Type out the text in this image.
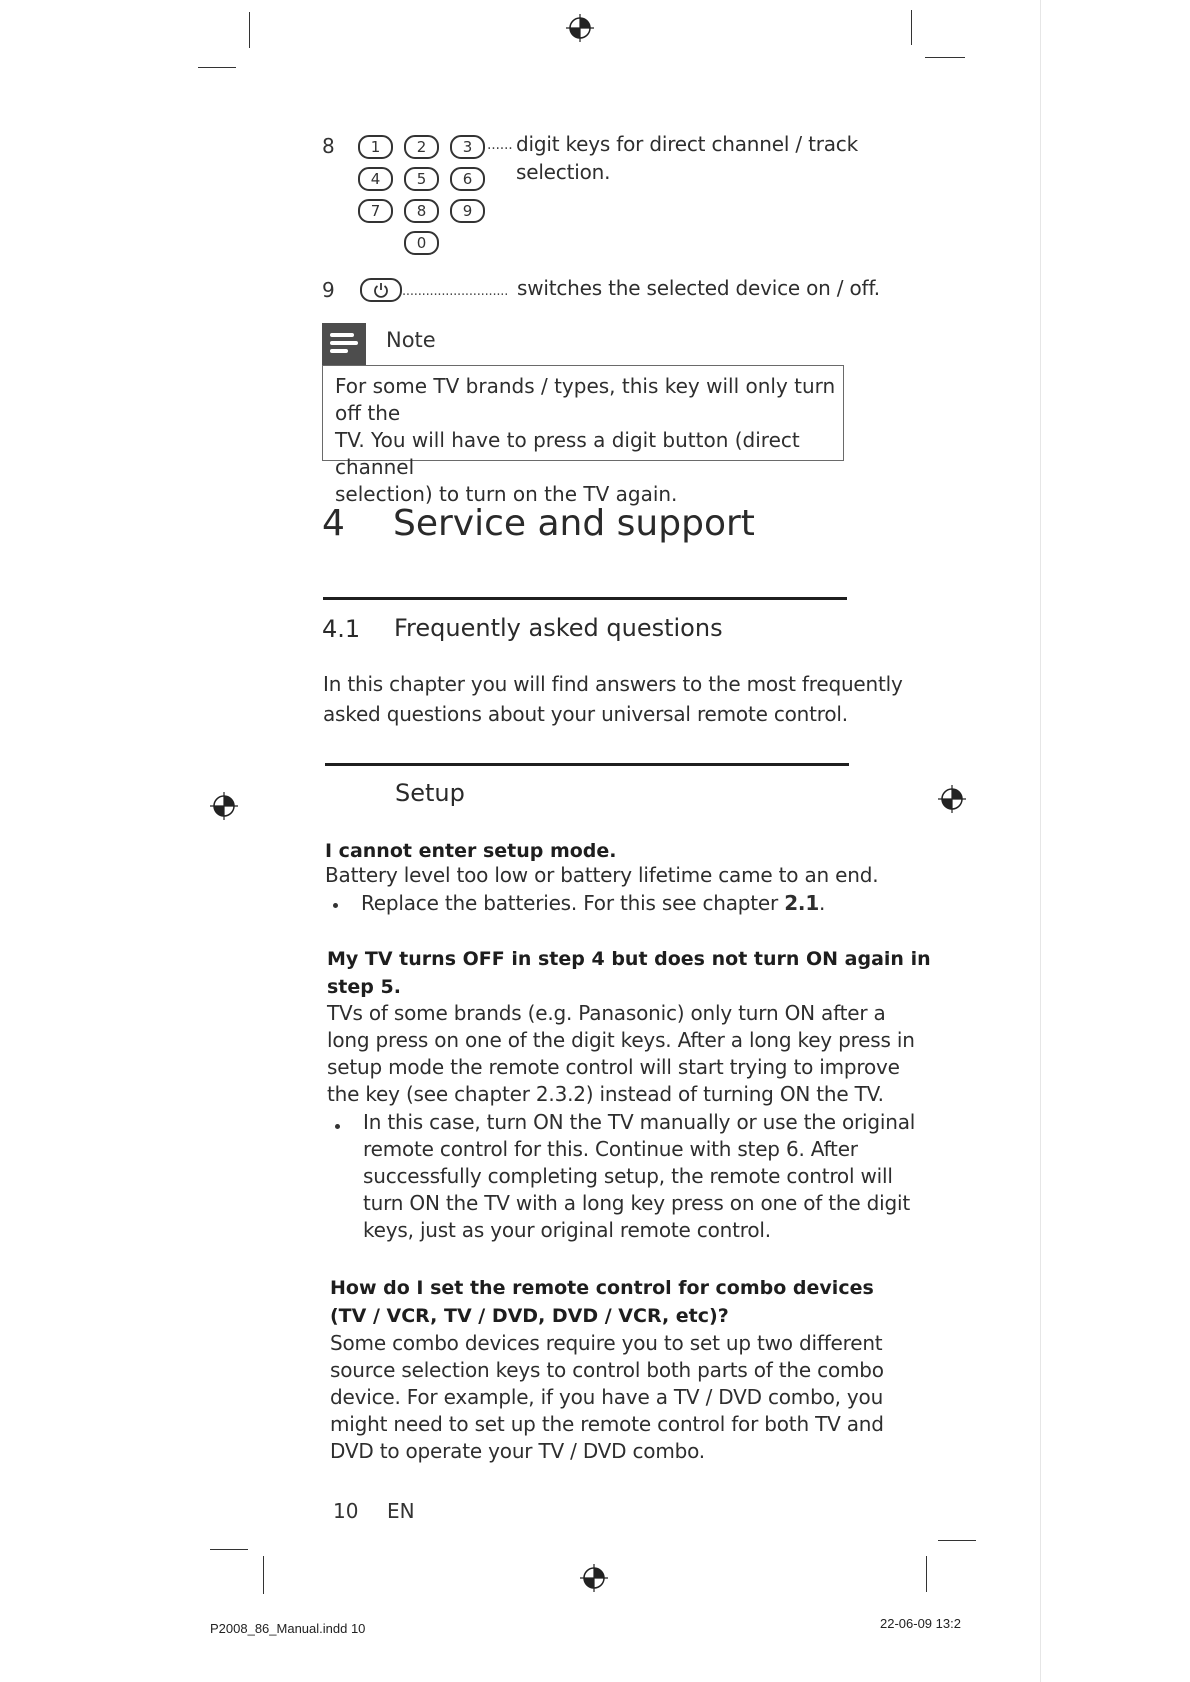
8	1	2	3
4	5	6
7	8	9
0
...... digit keys for direct channel / track
selection.
9	........................... switches the selected device on / off.
Note
For some TV brands / types, this key will only turn off the
TV. You will have to press a digit button (direct channel
selection) to turn on the TV again.
4 Service and support
4.1 Frequently asked questions
In this chapter you will find answers to the most frequently
asked questions about your universal remote control.
Setup
I cannot enter setup mode.
Battery level too low or battery lifetime came to an end.
Replace the batteries. For this see chapter 2.1.
My TV turns OFF in step 4 but does not turn ON again in
step 5.
TVs of some brands (e.g. Panasonic) only turn ON after a
long press on one of the digit keys. After a long key press in
setup mode the remote control will start trying to improve
the key (see chapter 2.3.2) instead of turning ON the TV.
In this case, turn ON the TV manually or use the original
remote control for this. Continue with step 6. After
successfully completing setup, the remote control will
turn ON the TV with a long key press on one of the digit
keys, just as your original remote control.
How do I set the remote control for combo devices
(TV / VCR, TV / DVD, DVD / VCR, etc)?
Some combo devices require you to set up two different
source selection keys to control both parts of the combo
device. For example, if you have a TV / DVD combo, you
might need to set up the remote control for both TV and
DVD to operate your TV / DVD combo.
10 EN
P2008_86_Manual.indd 10	22-06-09 13:2
